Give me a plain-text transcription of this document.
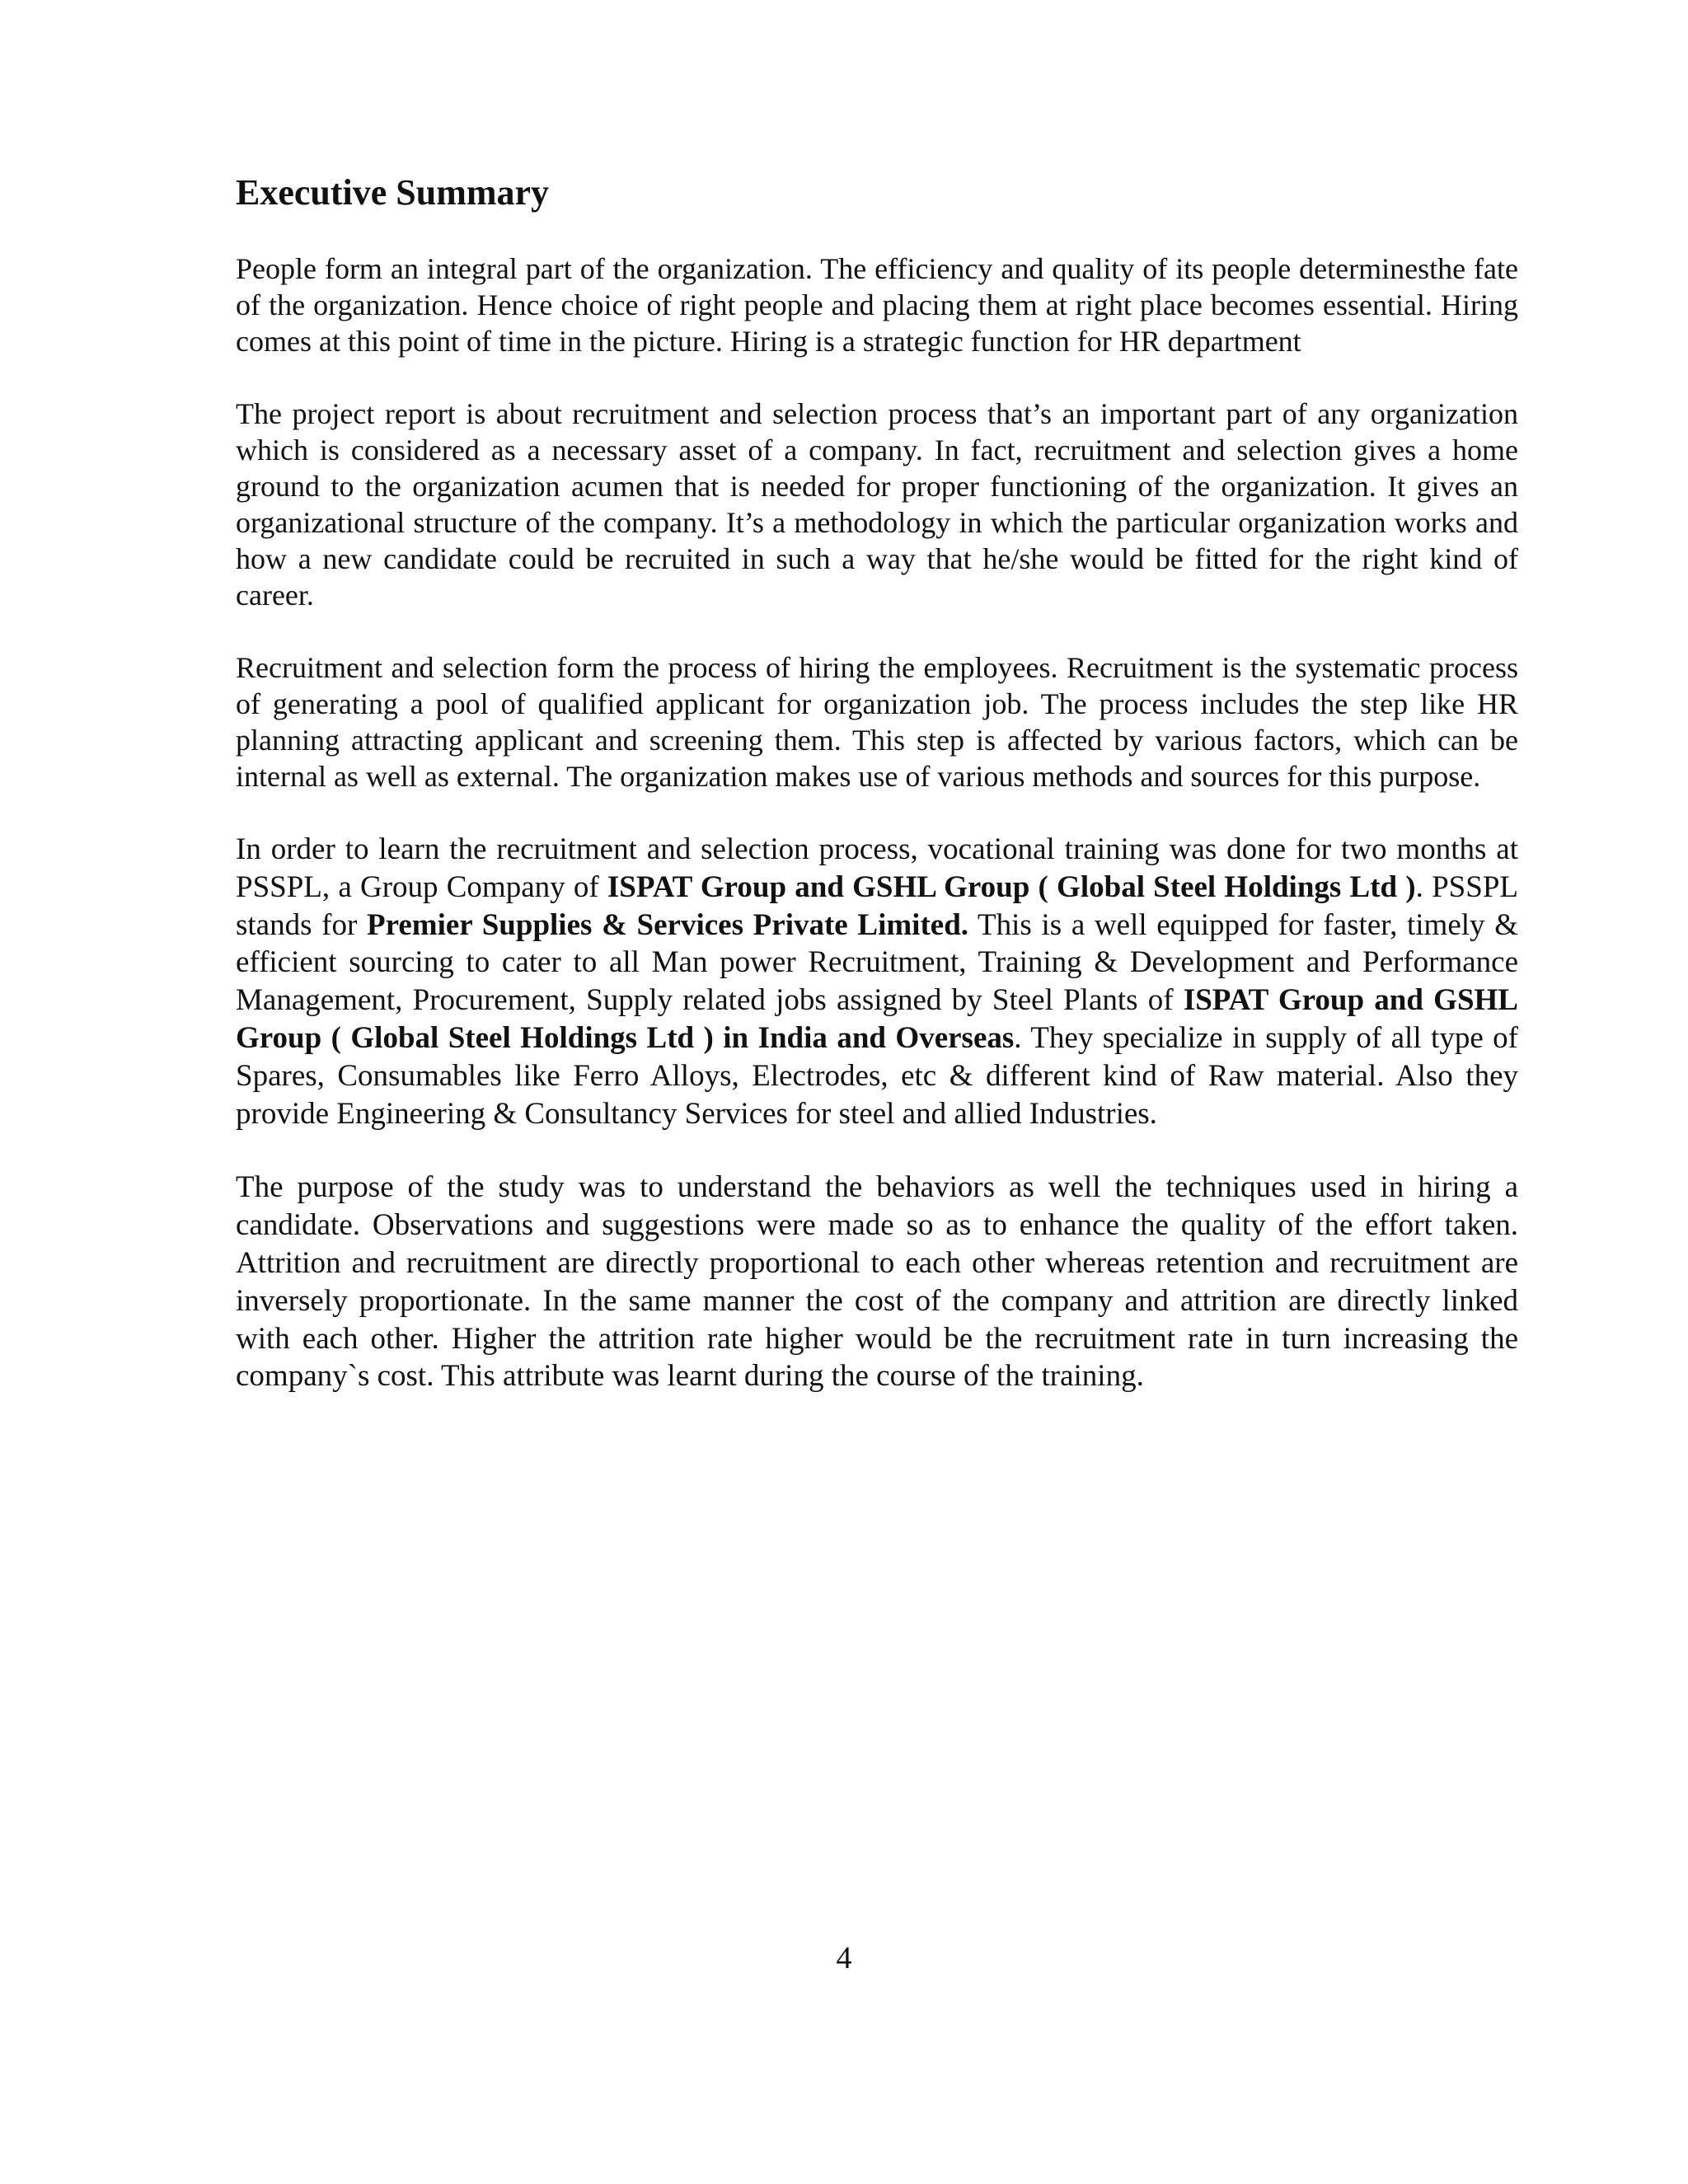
Executive Summary

People form an integral part of the organization. The efficiency and quality of its people determinesthe fate of the organization. Hence choice of right people and placing them at right place becomes essential. Hiring comes at this point of time in the picture. Hiring is a strategic function for HR department

The project report is about recruitment and selection process that’s an important part of any organization which is considered as a necessary asset of a company. In fact, recruitment and selection gives a home ground to the organization acumen that is needed for proper functioning of the organization. It gives an organizational structure of the company. It’s a methodology in which the particular organization works and how a new candidate could be recruited in such a way that he/she would be fitted for the right kind of career.

Recruitment and selection form the process of hiring the employees. Recruitment is the systematic process of generating a pool of qualified applicant for organization job. The process includes the step like HR planning attracting applicant and screening them. This step is affected by various factors, which can be internal as well as external. The organization makes use of various methods and sources for this purpose.

In order to learn the recruitment and selection process, vocational training was done for two months at PSSPL, a Group Company of ISPAT Group and GSHL Group ( Global Steel Holdings Ltd ). PSSPL stands for Premier Supplies & Services Private Limited. This is a well equipped for faster, timely & efficient sourcing to cater to all Man power Recruitment, Training & Development and Performance Management, Procurement, Supply related jobs assigned by Steel Plants of ISPAT Group and GSHL Group ( Global Steel Holdings Ltd ) in India and Overseas. They specialize in supply of all type of Spares, Consumables like Ferro Alloys, Electrodes, etc & different kind of Raw material. Also they provide Engineering & Consultancy Services for steel and allied Industries.

The purpose of the study was to understand the behaviors as well the techniques used in hiring a candidate. Observations and suggestions were made so as to enhance the quality of the effort taken. Attrition and recruitment are directly proportional to each other whereas retention and recruitment are inversely proportionate. In the same manner the cost of the company and attrition are directly linked with each other. Higher the attrition rate higher would be the recruitment rate in turn increasing the company`s cost. This attribute was learnt during the course of the training.

4
